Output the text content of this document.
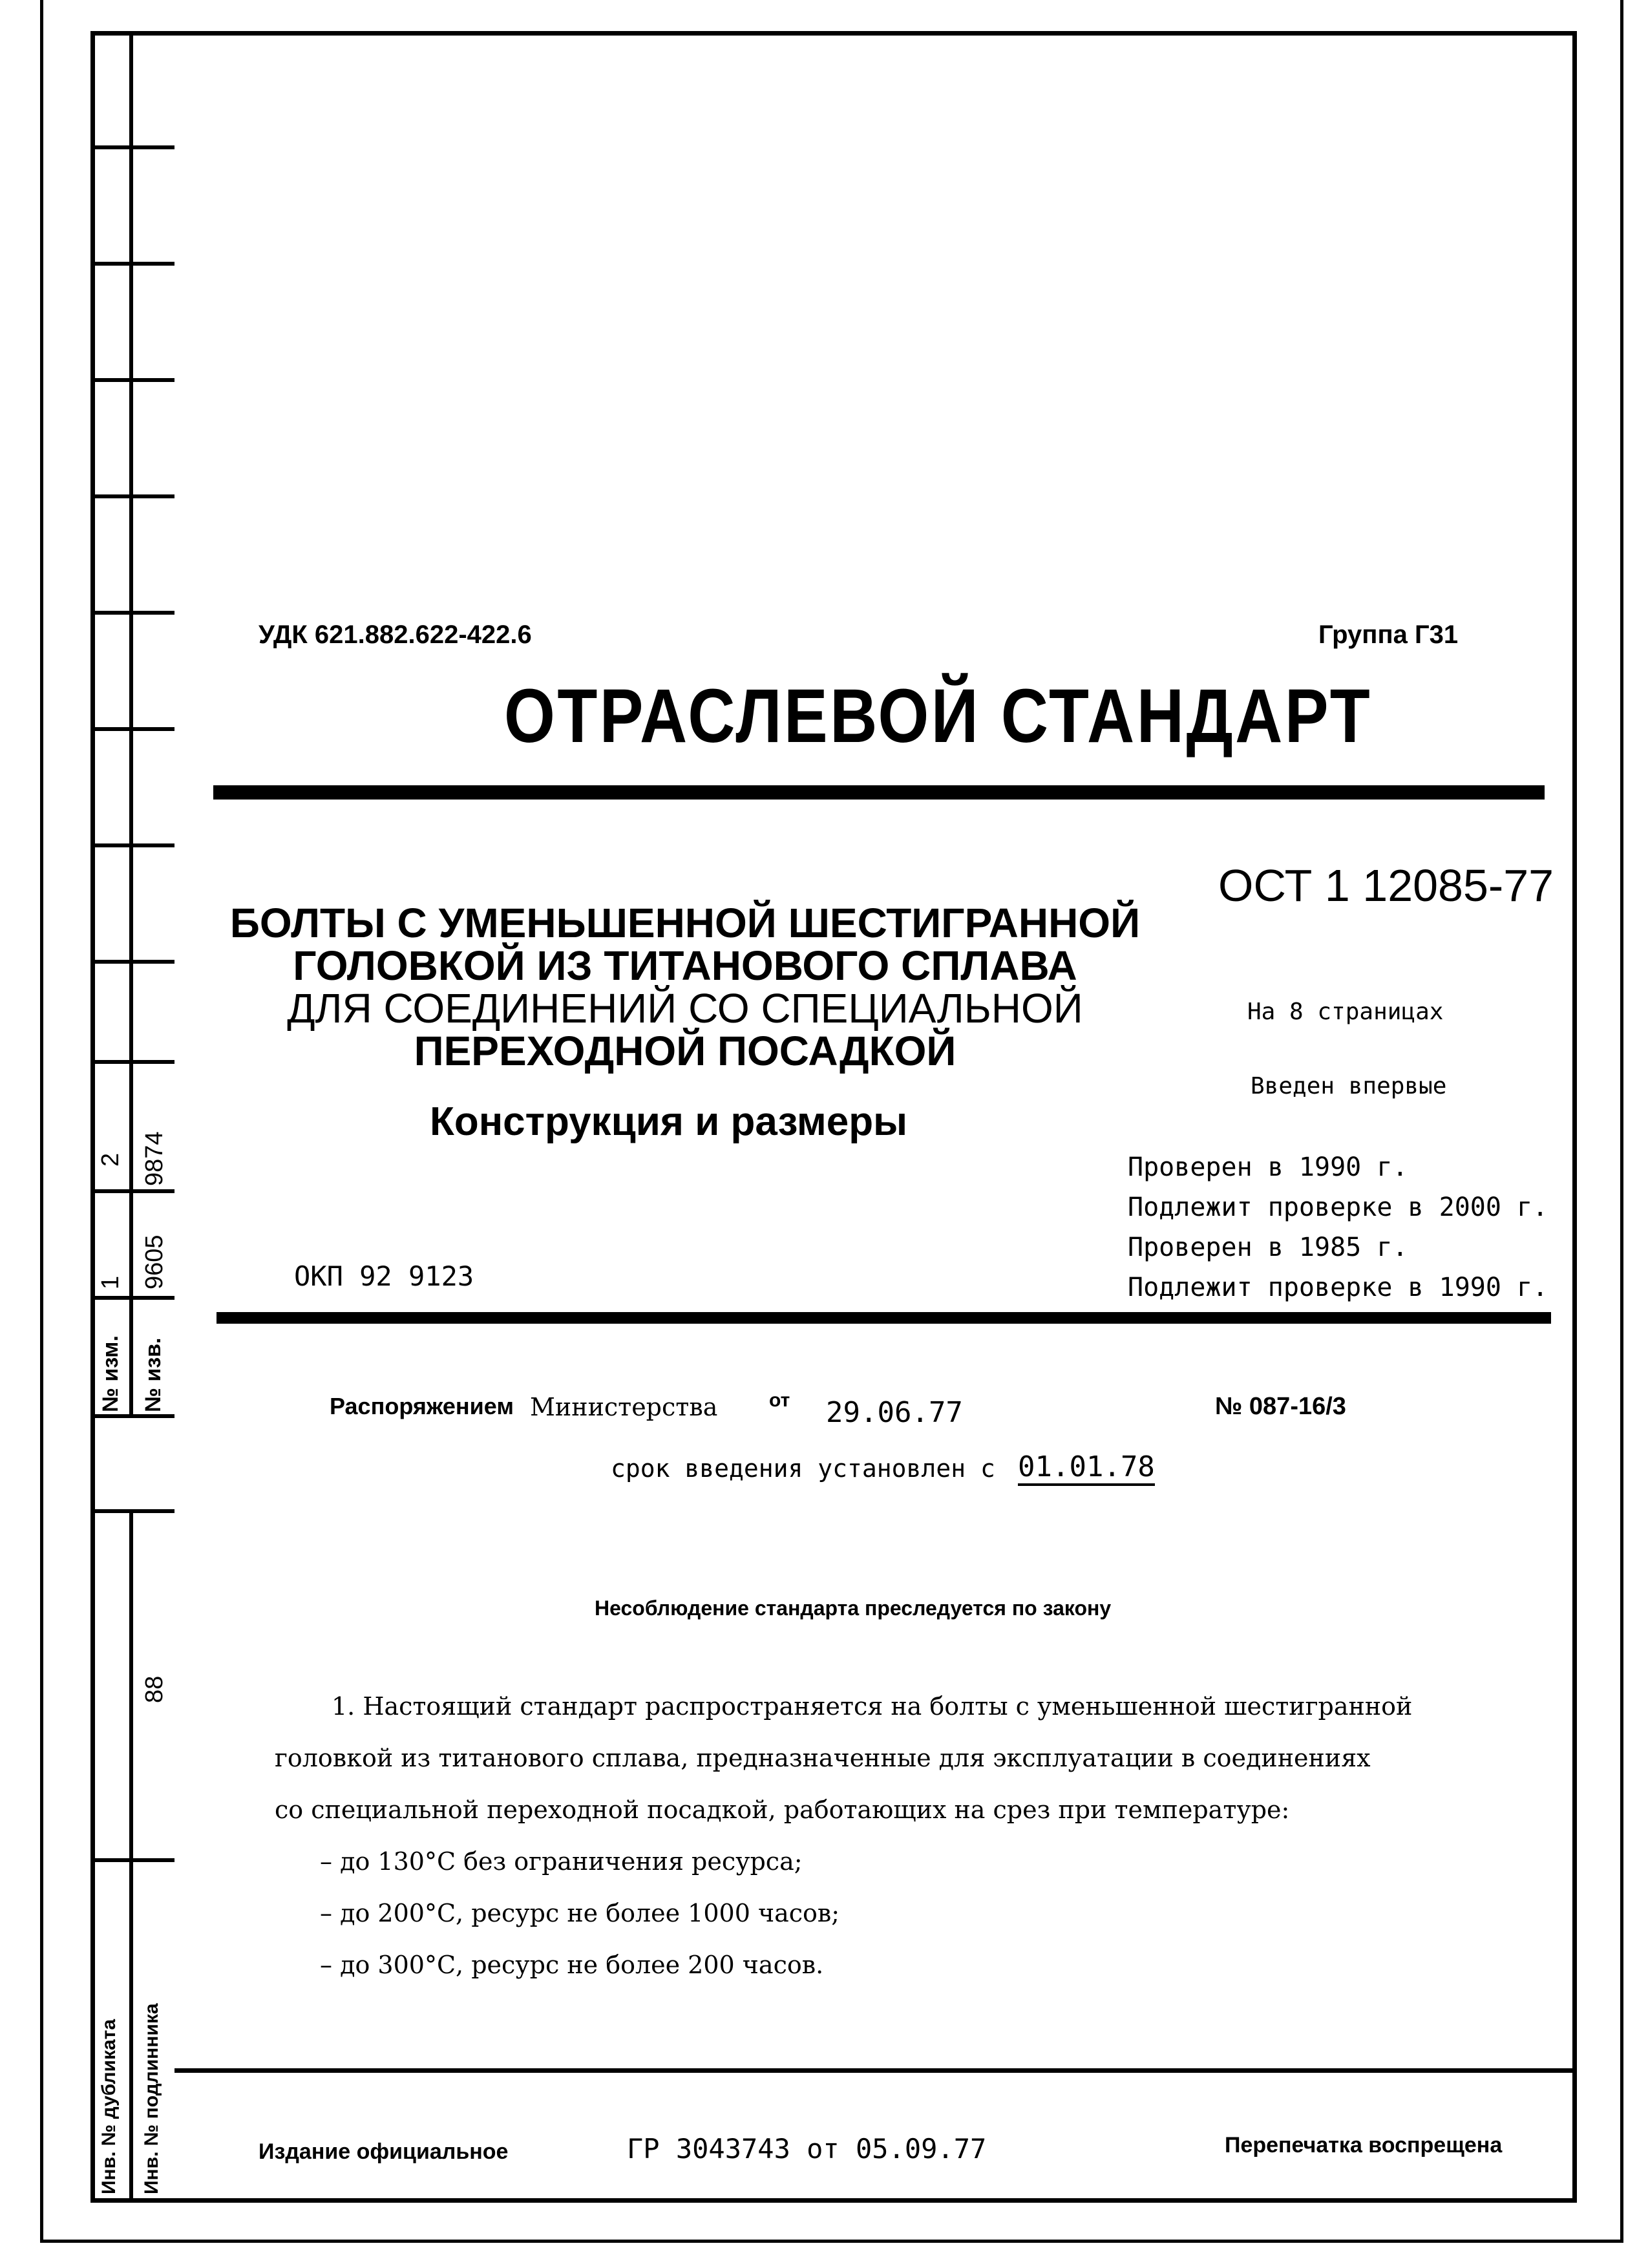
2 9874
1 9605
№ изм. № изв.
88
Инв. № дубликата Инв. № подлинника
УДК 621.882.622-422.6	Группа Г31
ОТРАСЛЕВОЙ СТАНДАРТ
ОСТ 1 12085-77
БОЛТЫ С УМЕНЬШЕННОЙ ШЕСТИГРАННОЙ
ГОЛОВКОЙ ИЗ ТИТАНОВОГО СПЛАВА
ДЛЯ СОЕДИНЕНИЙ СО СПЕЦИАЛЬНОЙ
ПЕРЕХОДНОЙ ПОСАДКОЙ
Конструкция и размеры
На 8 страницах
Введен впервые
Проверен в 1990 г.
Подлежит проверке в 2000 г.
Проверен в 1985 г.
Подлежит проверке в 1990 г.
ОКП 92 9123
Распоряжением Министерства	от 29.06.77	№ 087-16/3
срок введения установлен с 01.01.78
Несоблюдение стандарта преследуется по закону
1. Настоящий стандарт распространяется на болты с уменьшенной шестигранной
головкой из титанового сплава, предназначенные для эксплуатации в соединениях
со специальной переходной посадкой, работающих на срез при температуре:
– до 130°С без ограничения ресурса;
– до 200°С, ресурс не более 1000 часов;
– до 300°С, ресурс не более 200 часов.
Издание официальное	ГР 3043743 от 05.09.77	Перепечатка воспрещена
